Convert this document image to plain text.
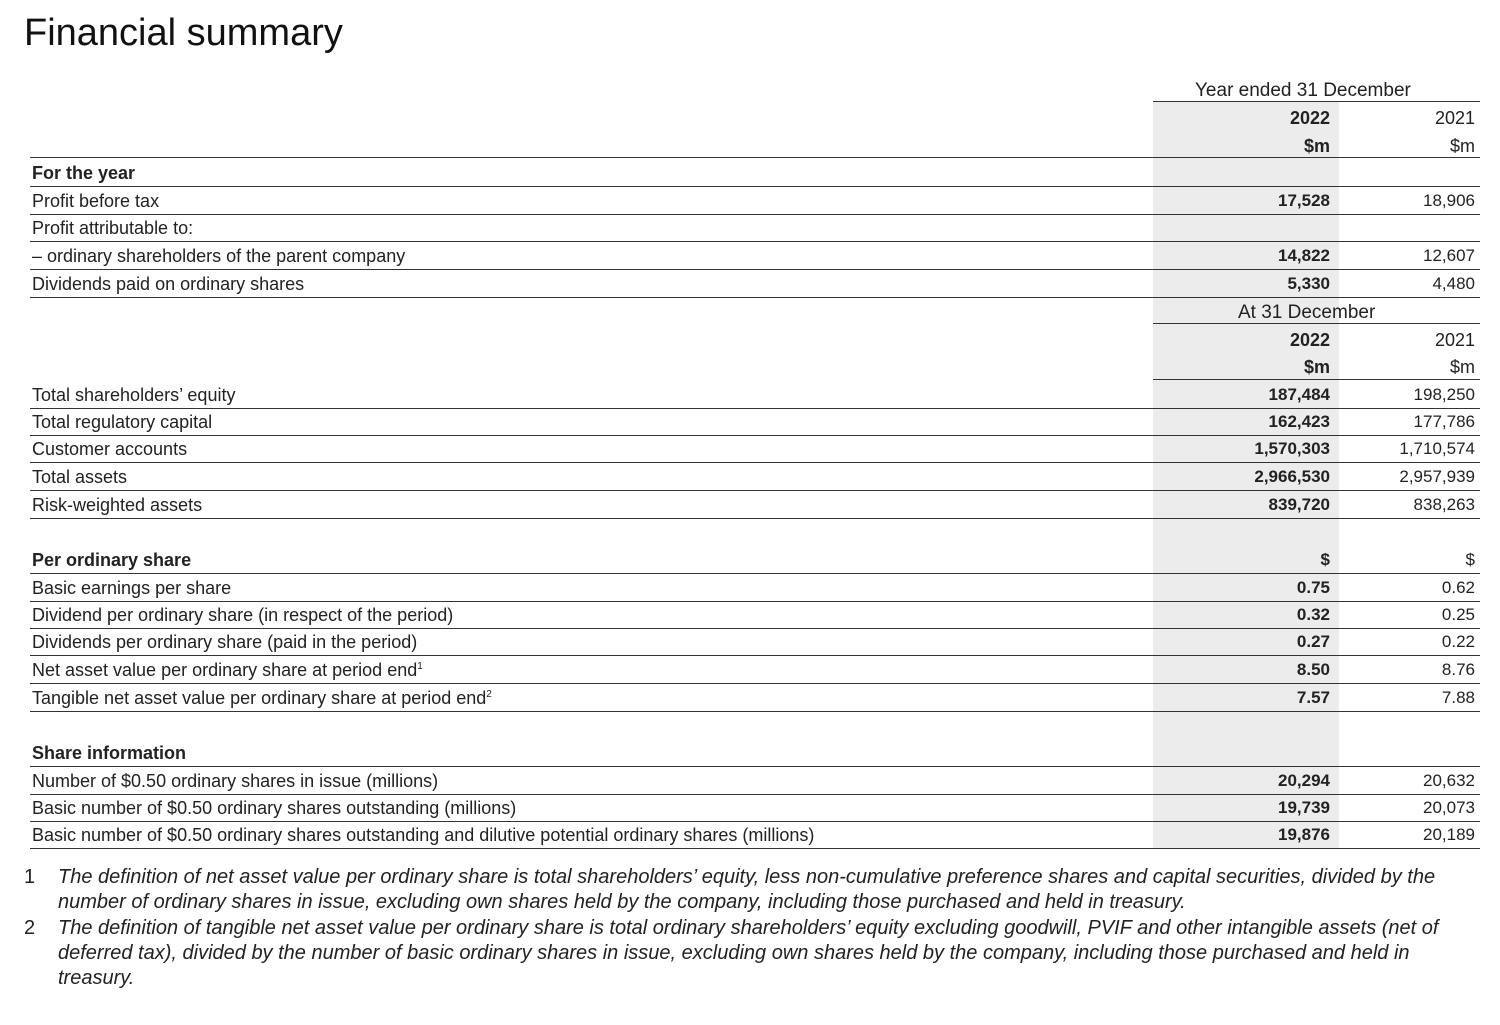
Financial summary
Year ended 31 December
2022	2021
$m	$m
For the year
Profit before tax	17,528	18,906
Profit attributable to:
– ordinary shareholders of the parent company	14,822	12,607
Dividends paid on ordinary shares	5,330	4,480
At 31 December
2022	2021
$m	$m
Total shareholders’ equity	187,484	198,250
Total regulatory capital	162,423	177,786
Customer accounts	1,570,303	1,710,574
Total assets	2,966,530	2,957,939
Risk-weighted assets	839,720	838,263
Per ordinary share	$	$
Basic earnings per share	0.75	0.62
Dividend per ordinary share (in respect of the period)	0.32	0.25
Dividends per ordinary share (paid in the period)	0.27	0.22
Net asset value per ordinary share at period end$^1$	8.50	8.76
Tangible net asset value per ordinary share at period end$^2$	7.57	7.88
Share information
Number of $0.50 ordinary shares in issue (millions)	20,294	20,632
Basic number of $0.50 ordinary shares outstanding (millions)	19,739	20,073
Basic number of $0.50 ordinary shares outstanding and dilutive potential ordinary shares (millions)	19,876	20,189
1 The definition of net asset value per ordinary share is total shareholders’ equity, less non-cumulative preference shares and capital securities, divided by the number of ordinary shares in issue, excluding own shares held by the company, including those purchased and held in treasury.
2 The definition of tangible net asset value per ordinary share is total ordinary shareholders’ equity excluding goodwill, PVIF and other intangible assets (net of deferred tax), divided by the number of basic ordinary shares in issue, excluding own shares held by the company, including those purchased and held in treasury.
